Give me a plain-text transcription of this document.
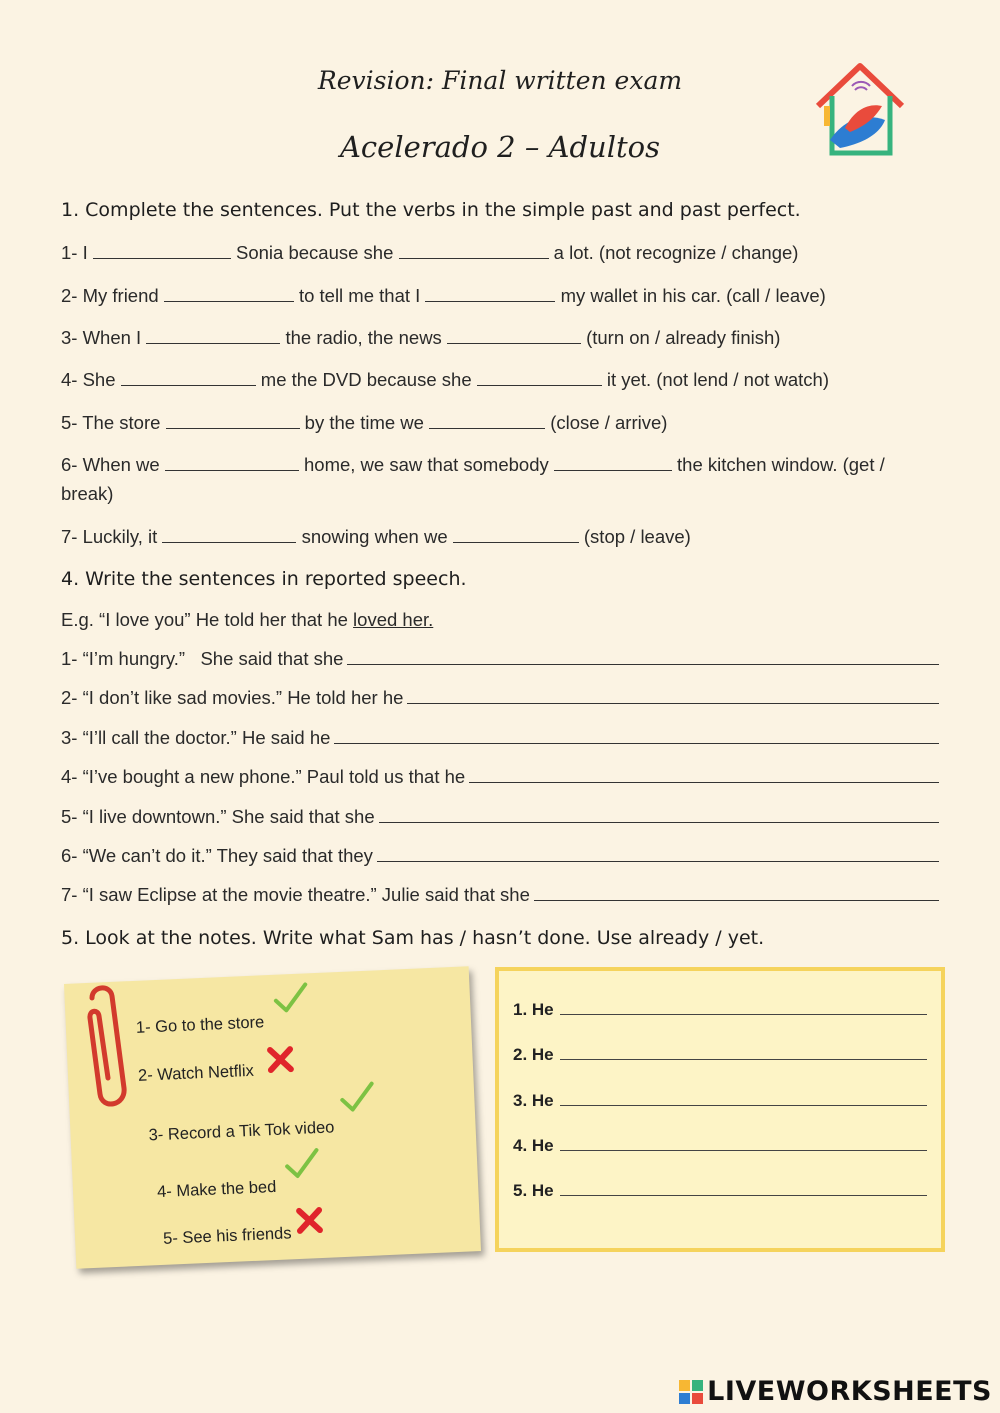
Revision: Final written exam
Acelerado 2 – Adultos
1. Complete the sentences. Put the verbs in the simple past and past perfect.
1- I	Sonia because she	a lot. (not recognize / change)
2- My friend	to tell me that I	my wallet in his car. (call / leave)
3- When I	the radio, the news	(turn on / already finish)
4- She	me the DVD because she	it yet. (not lend / not watch)
5- The store	by the time we	(close / arrive)
6- When we	home, we saw that somebody	the kitchen window. (get / break)
7- Luckily, it	snowing when we	(stop / leave)
4. Write the sentences in reported speech.
E.g. “I love you” He told her that he loved her.
1- “I’m hungry.”   She said that she
2- “I don’t like sad movies.” He told her he
3- “I’ll call the doctor.” He said he
4- “I’ve bought a new phone.” Paul told us that he
5- “I live downtown.” She said that she
6- “We can’t do it.” They said that they
7- “I saw Eclipse at the movie theatre.” Julie said that she
5. Look at the notes. Write what Sam has / hasn’t done. Use already / yet.
1- Go to the store
2- Watch Netflix
3- Record a Tik Tok video
4- Make the bed
5- See his friends
1. He
2. He
3. He
4. He
5. He
LIVEWORKSHEETS
